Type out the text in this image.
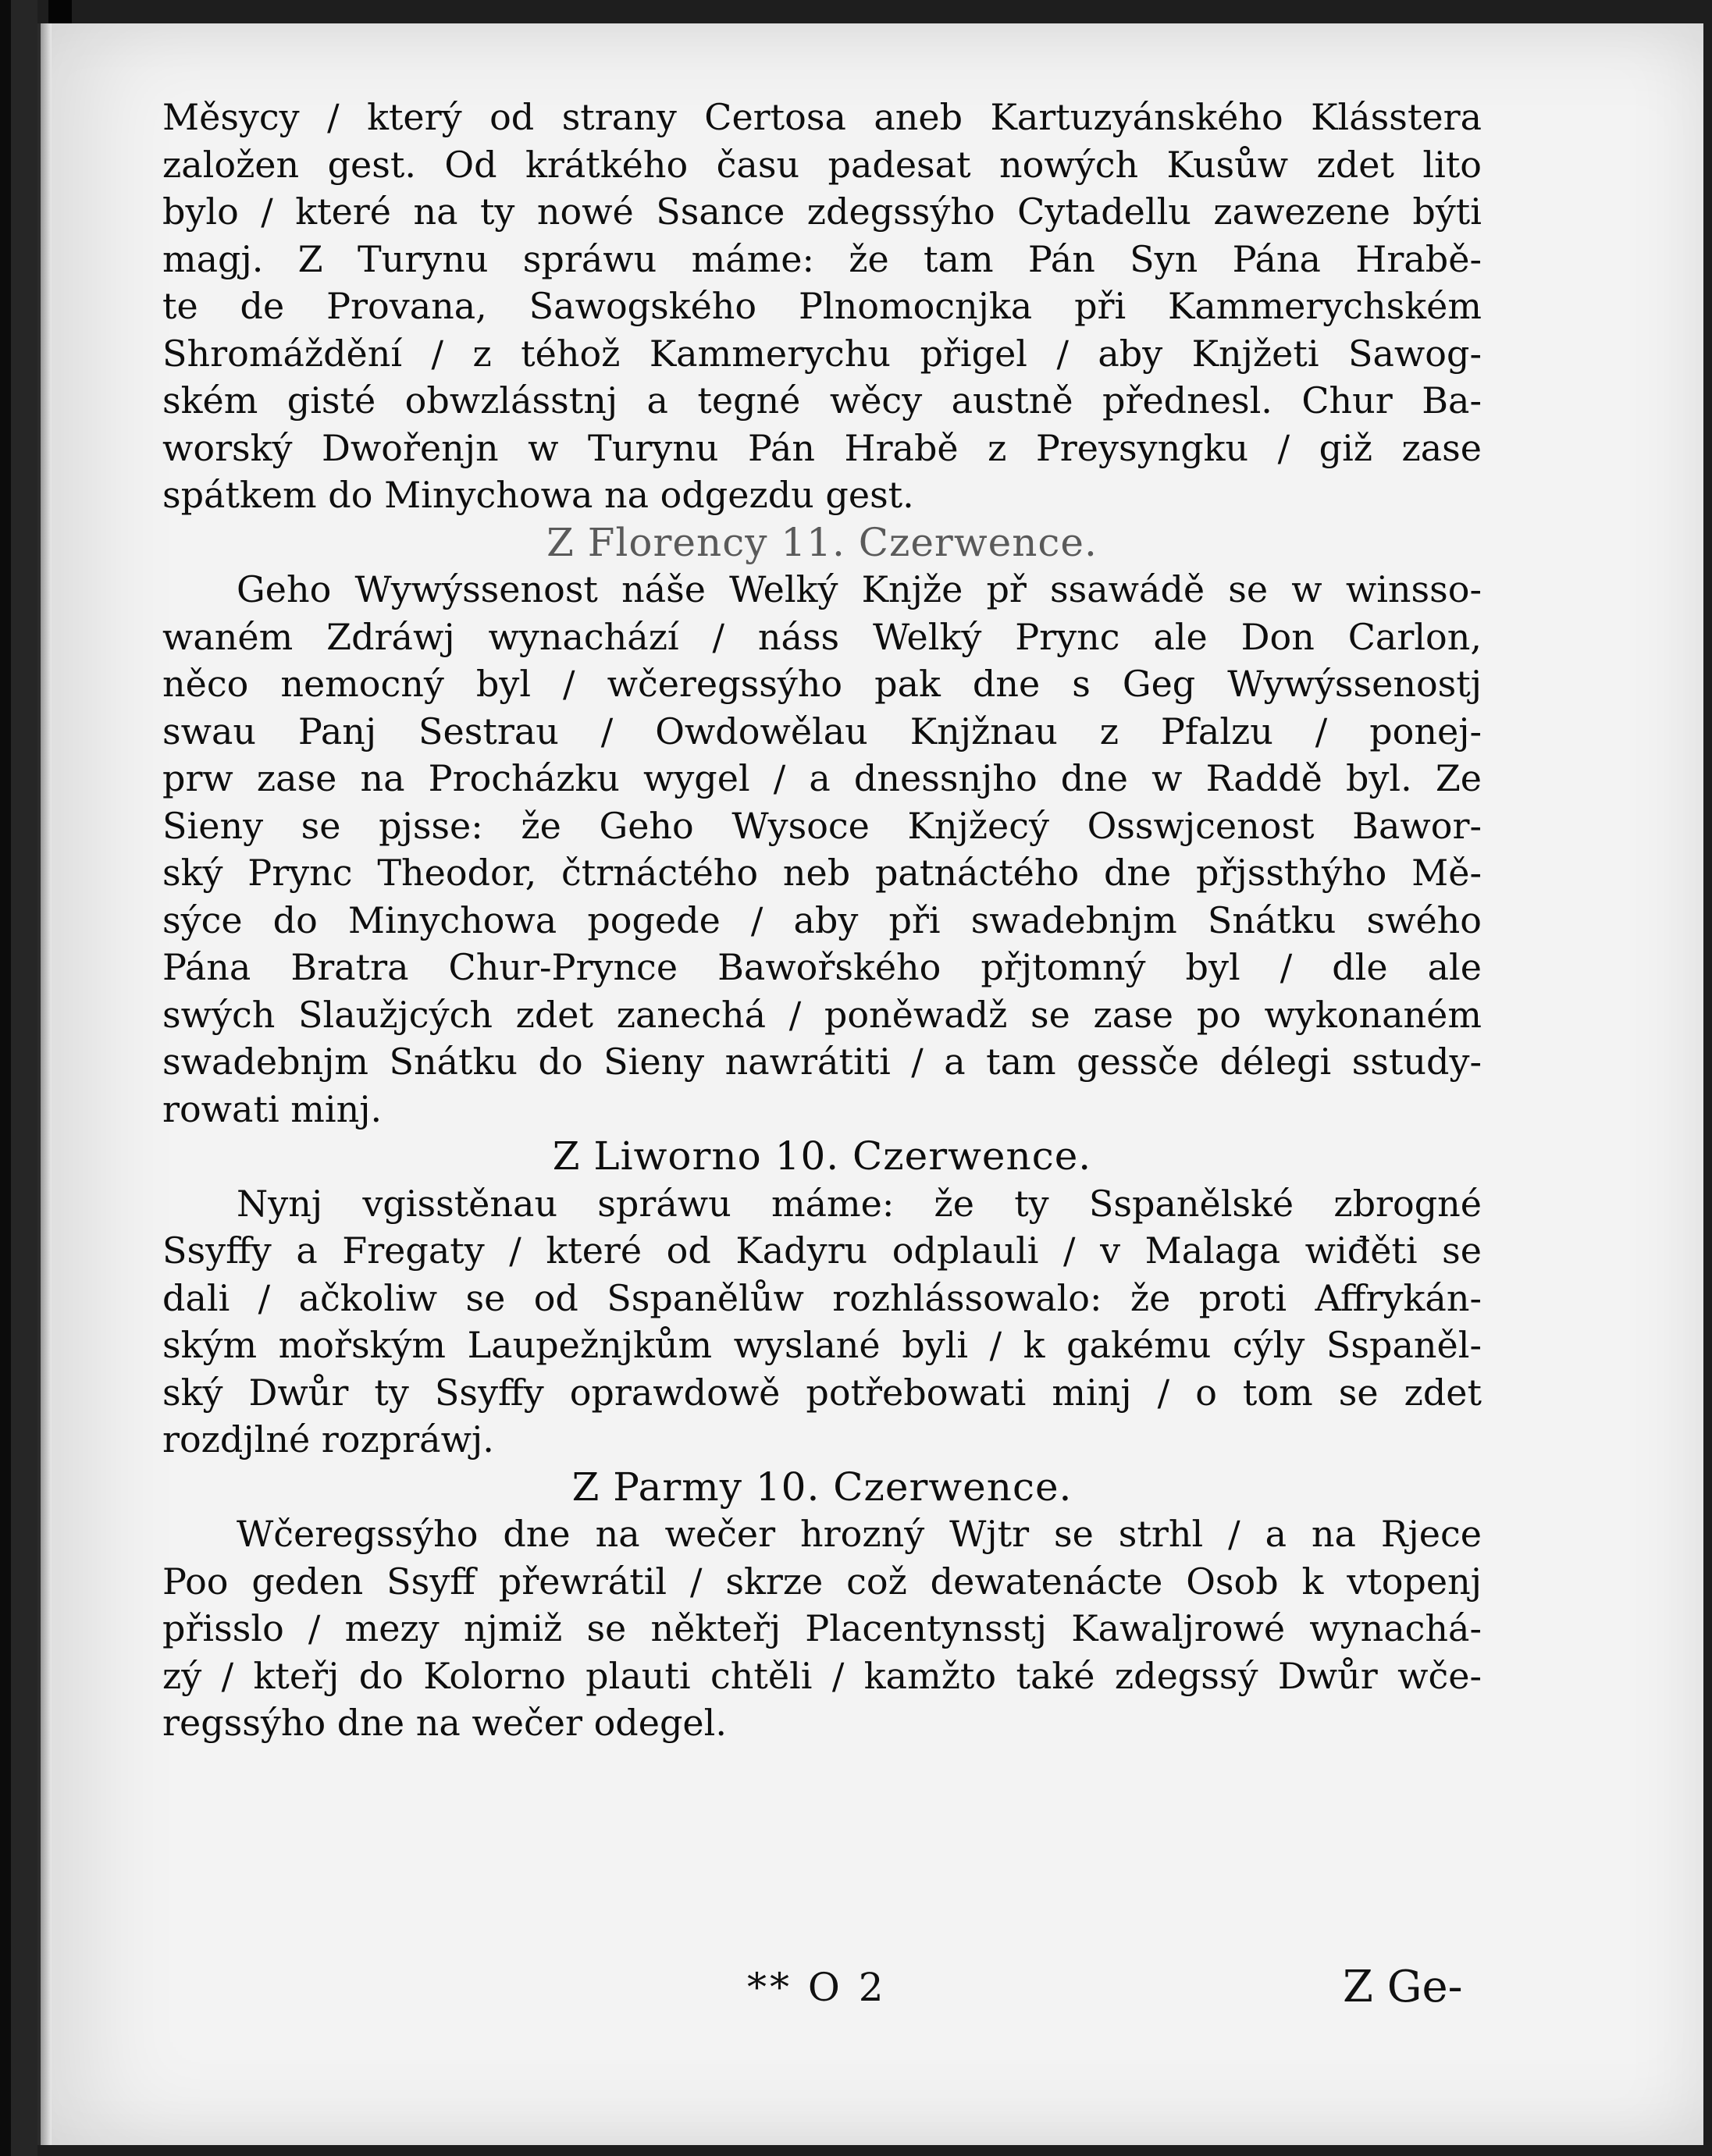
Měsycy / který od strany Certosa aneb Kartuzyánského Klásstera
založen gest. Od krátkého času padesat nowých Kusůw zdet lito
bylo / které na ty nowé Ssance zdegssýho Cytadellu zawezene býti
magj. Z Turynu spráwu máme: že tam Pán Syn Pána Hrabě-
te de Provana, Sawogského Plnomocnjka při Kammerychském
Shromáždění / z téhož Kammerychu přigel / aby Knjžeti Sawog-
ském gisté obwzlásstnj a tegné wěcy austně přednesl. Chur Ba-
worský Dwořenjn w Turynu Pán Hrabě z Preysyngku / giž zase
spátkem do Minychowa na odgezdu gest.
Z Florency 11. Czerwence.
Geho Wywýssenost náše Welký Knjže př ssawádě se w winsso-
waném Zdráwj wynachází / náss Welký Prync ale Don Carlon,
něco nemocný byl / wčeregssýho pak dne s Geg Wywýssenostj
swau Panj Sestrau / Owdowělau Knjžnau z Pfalzu / ponej-
prw zase na Procházku wygel / a dnessnjho dne w Raddě byl. Ze
Sieny se pjsse: že Geho Wysoce Knjžecý Osswjcenost Bawor-
ský Prync Theodor, čtrnáctého neb patnáctého dne přjssthýho Mě-
sýce do Minychowa pogede / aby při swadebnjm Snátku swého
Pána Bratra Chur-Prynce Bawořského přjtomný byl / dle ale
swých Slaužjcých zdet zanechá / poněwadž se zase po wykonaném
swadebnjm Snátku do Sieny nawrátiti / a tam gessče délegi sstudy-
rowati minj.
Z Liworno 10. Czerwence.
Nynj vgisstěnau spráwu máme: že ty Sspanělské zbrogné
Ssyffy a Fregaty / které od Kadyru odplauli / v Malaga wiđěti se
dali / ačkoliw se od Sspanělůw rozhlássowalo: že proti Affrykán-
ským mořským Laupežnjkům wyslané byli / k gakému cýly Sspaněl-
ský Dwůr ty Ssyffy oprawdowě potřebowati minj / o tom se zdet
rozdjlné rozpráwj.
Z Parmy 10. Czerwence.
Wčeregssýho dne na wečer hrozný Wjtr se strhl / a na Rjece
Poo geden Ssyff přewrátil / skrze což dewatenácte Osob k vtopenj
přisslo / mezy njmiž se někteřj Placentynsstj Kawaljrowé wynachá-
zý / kteřj do Kolorno plauti chtěli / kamžto také zdegssý Dwůr wče-
regssýho dne na wečer odegel.
** O 2	Z Ge-
